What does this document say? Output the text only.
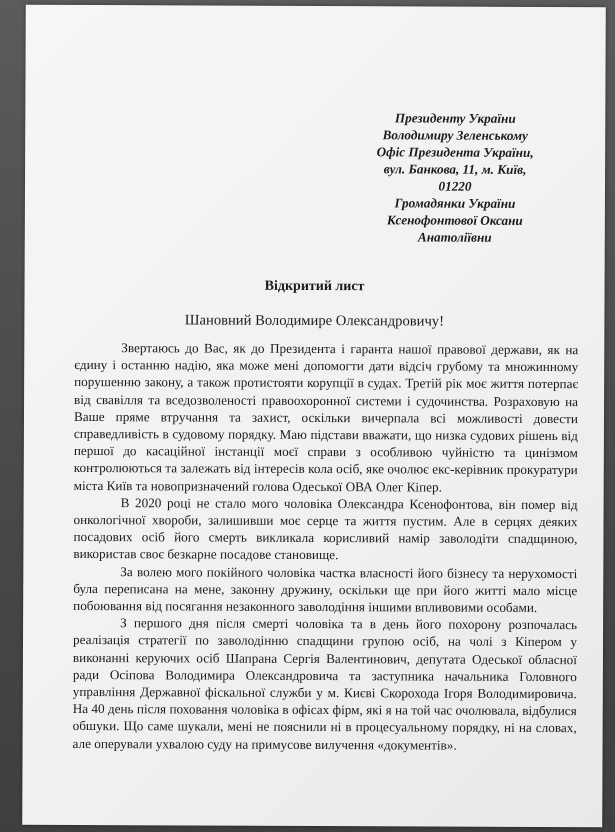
Президенту України
Володимиру Зеленському
Офіс Президента України,
вул. Банкова, 11, м. Київ,
01220
Громадянки України
Ксенофонтової Оксани
Анатоліївни
Відкритий лист
Шановний Володимире Олександровичу!

Звертаюсь до Вас, як до Президента і гаранта нашої правової держави, як на єдину і останню надію, яка може мені допомогти дати відсіч грубому та множинному порушенню закону, а також протистояти корупції в судах. Третій рік моє життя потерпає від свавілля та вседозволеності правоохоронної системи і судочинства. Розраховую на Ваше пряме втручання та захист, оскільки вичерпала всі можливості довести справедливість в судовому порядку. Маю підстави вважати, що низка судових рішень від першої до касаційної інстанції моєї справи з особливою чуйністю та цинізмом контролюються та залежать від інтересів кола осіб, яке очолює екс-керівник прокуратури міста Київ та новопризначений голова Одеської ОВА Олег Кіпер.

В 2020 році не стало мого чоловіка Олександра Ксенофонтова, він помер від онкологічної хвороби, залишивши моє серце та життя пустим. Але в серцях деяких посадових осіб його смерть викликала корисливий намір заволодіти спадщиною, використав своє безкарне посадове становище.

За волею мого покійного чоловіка частка власності його бізнесу та нерухомості була переписана на мене, законну дружину, оскільки ще при його житті мало місце побоювання від посягання незаконного заволодіння іншими впливовими особами.

З першого дня після смерті чоловіка та в день його похорону розпочалась реалізація стратегії по заволодінню спадщини групою осіб, на чолі з Кіпером у виконанні керуючих осіб Шапрана Сергія Валентинович, депутата Одеської обласної ради Осіпова Володимира Олександровича та заступника начальника Головного управління Державної фіскальної служби у м. Києві Скорохода Ігоря Володимировича. На 40 день після поховання чоловіка в офісах фірм, які я на той час очолювала, відбулися обшуки. Що саме шукали, мені не пояснили ні в процесуальному порядку, ні на словах, але оперували ухвалою суду на примусове вилучення «документів».
